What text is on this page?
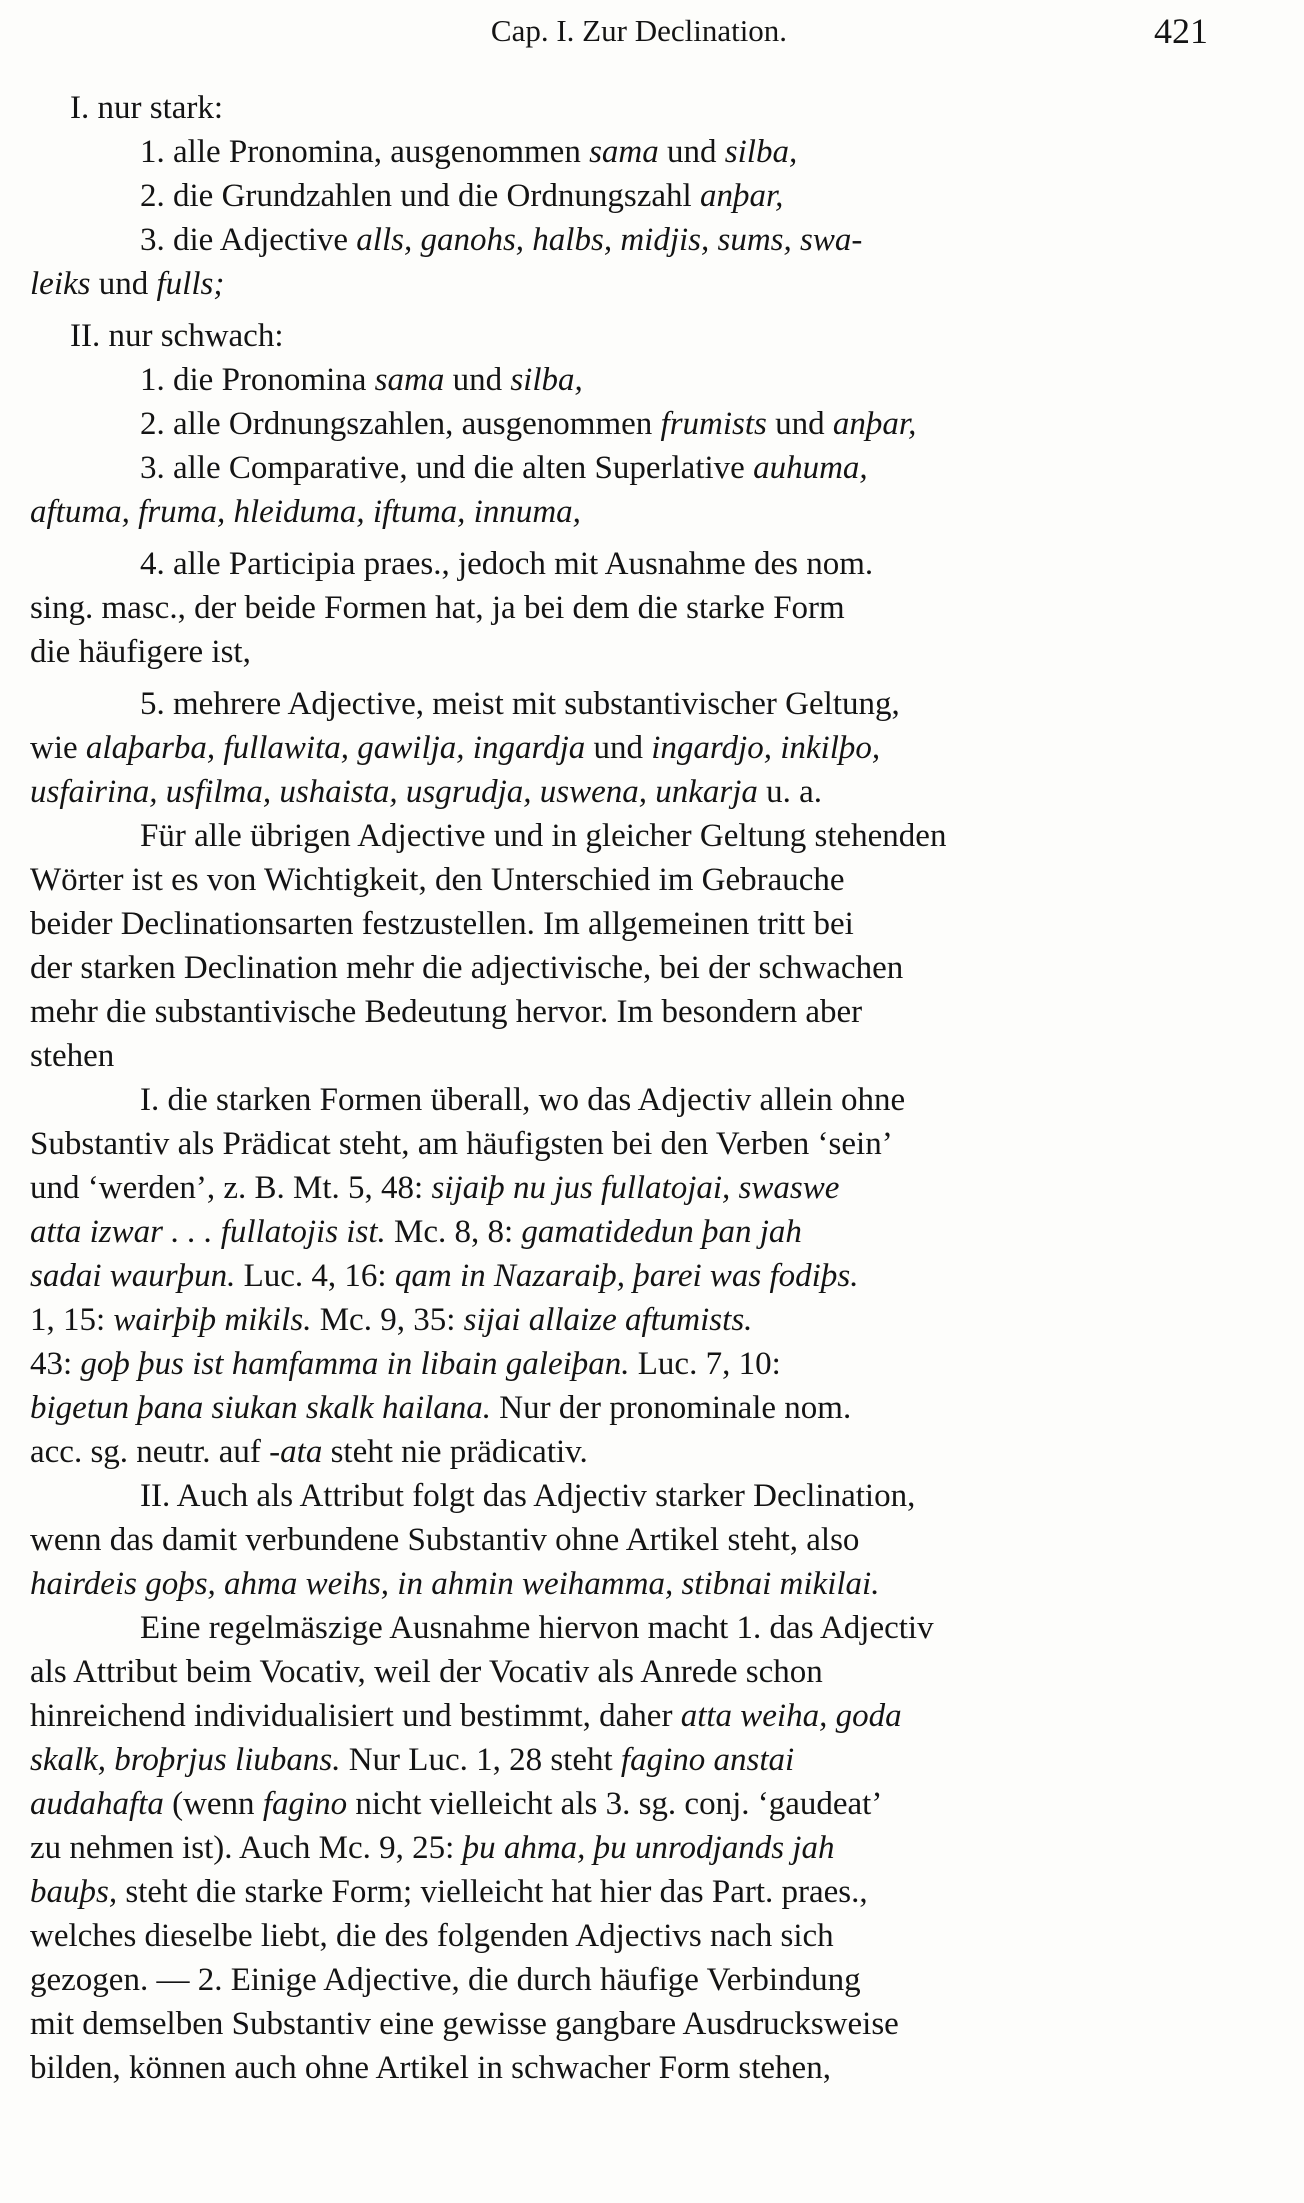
Cap. I. Zur Declination.	421
I. nur stark:
1. alle Pronomina, ausgenommen sama und silba,
2. die Grundzahlen und die Ordnungszahl anþar,
3. die Adjective alls, ganohs, halbs, midjis, sums, swa-
leiks und fulls;
II. nur schwach:
1. die Pronomina sama und silba,
2. alle Ordnungszahlen, ausgenommen frumists und anþar,
3. alle Comparative, und die alten Superlative auhuma,
aftuma, fruma, hleiduma, iftuma, innuma,
4. alle Participia praes., jedoch mit Ausnahme des nom.
sing. masc., der beide Formen hat, ja bei dem die starke Form
die häufigere ist,
5. mehrere Adjective, meist mit substantivischer Geltung,
wie alaþarba, fullawita, gawilja, ingardja und ingardjo, inkilþo,
usfairina, usfilma, ushaista, usgrudja, uswena, unkarja u. a.
Für alle übrigen Adjective und in gleicher Geltung stehenden
Wörter ist es von Wichtigkeit, den Unterschied im Gebrauche
beider Declinationsarten festzustellen. Im allgemeinen tritt bei
der starken Declination mehr die adjectivische, bei der schwachen
mehr die substantivische Bedeutung hervor. Im besondern aber
stehen
I. die starken Formen überall, wo das Adjectiv allein ohne
Substantiv als Prädicat steht, am häufigsten bei den Verben ‘sein’
und ‘werden’, z. B. Mt. 5, 48: sijaiþ nu jus fullatojai, swaswe
atta izwar . . . fullatojis ist. Mc. 8, 8: gamatidedun þan jah
sadai waurþun. Luc. 4, 16: qam in Nazaraiþ, þarei was fodiþs.
1, 15: wairþiþ mikils. Mc. 9, 35: sijai allaize aftumists.
43: goþ þus ist hamfamma in libain galeiþan. Luc. 7, 10:
bigetun þana siukan skalk hailana. Nur der pronominale nom.
acc. sg. neutr. auf -ata steht nie prädicativ.
II. Auch als Attribut folgt das Adjectiv starker Declination,
wenn das damit verbundene Substantiv ohne Artikel steht, also
hairdeis goþs, ahma weihs, in ahmin weihamma, stibnai mikilai.
Eine regelmäszige Ausnahme hiervon macht 1. das Adjectiv
als Attribut beim Vocativ, weil der Vocativ als Anrede schon
hinreichend individualisiert und bestimmt, daher atta weiha, goda
skalk, broþrjus liubans. Nur Luc. 1, 28 steht fagino anstai
audahafta (wenn fagino nicht vielleicht als 3. sg. conj. ‘gaudeat’
zu nehmen ist). Auch Mc. 9, 25: þu ahma, þu unrodjands jah
bauþs, steht die starke Form; vielleicht hat hier das Part. praes.,
welches dieselbe liebt, die des folgenden Adjectivs nach sich
gezogen. — 2. Einige Adjective, die durch häufige Verbindung
mit demselben Substantiv eine gewisse gangbare Ausdrucksweise
bilden, können auch ohne Artikel in schwacher Form stehen,
